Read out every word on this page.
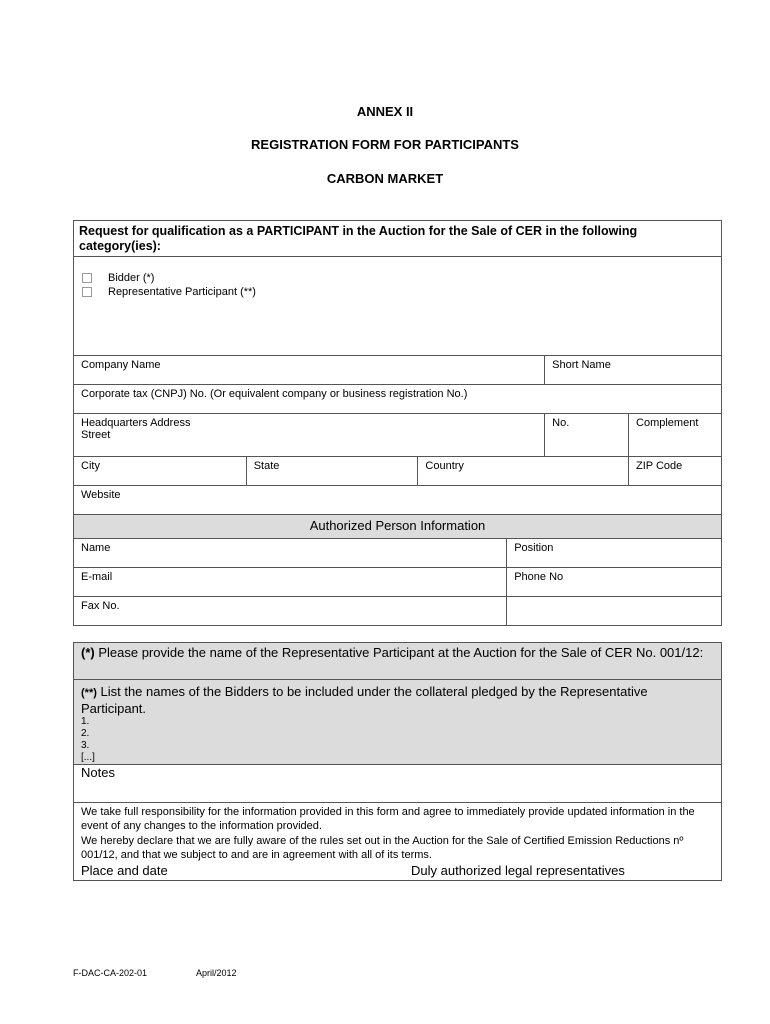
ANNEX II
REGISTRATION FORM FOR PARTICIPANTS
CARBON MARKET
Request for qualification as a PARTICIPANT in the Auction for the Sale of CER in the following category(ies):					

Bidder (*)
Representative Participant (**)					

Company Name				Short Name	
Corporate tax (CNPJ) No. (Or equivalent company or business registration No.)					

Headquarters Address
Street				No.	Complement
City	State	Country			ZIP Code
Website					
Authorized Person Information					
Name			Position		
E-mail			Phone No		
Fax No.					
(*) Please provide the name of the Representative Participant at the Auction for the Sale of CER No. 001/12:

(**) List the names of the Bidders to be included under the collateral pledged by the Representative Participant.
1.
2.
3.
[...]

Notes

We take full responsibility for the information provided in this form and agree to immediately provide updated information in the event of any changes to the information provided.
We hereby declare that we are fully aware of the rules set out in the Auction for the Sale of Certified Emission Reductions nº 001/12, and that we subject to and are in agreement with all of its terms.
Place and date	Duly authorized legal representatives
F-DAC-CA-202-01	April/2012
